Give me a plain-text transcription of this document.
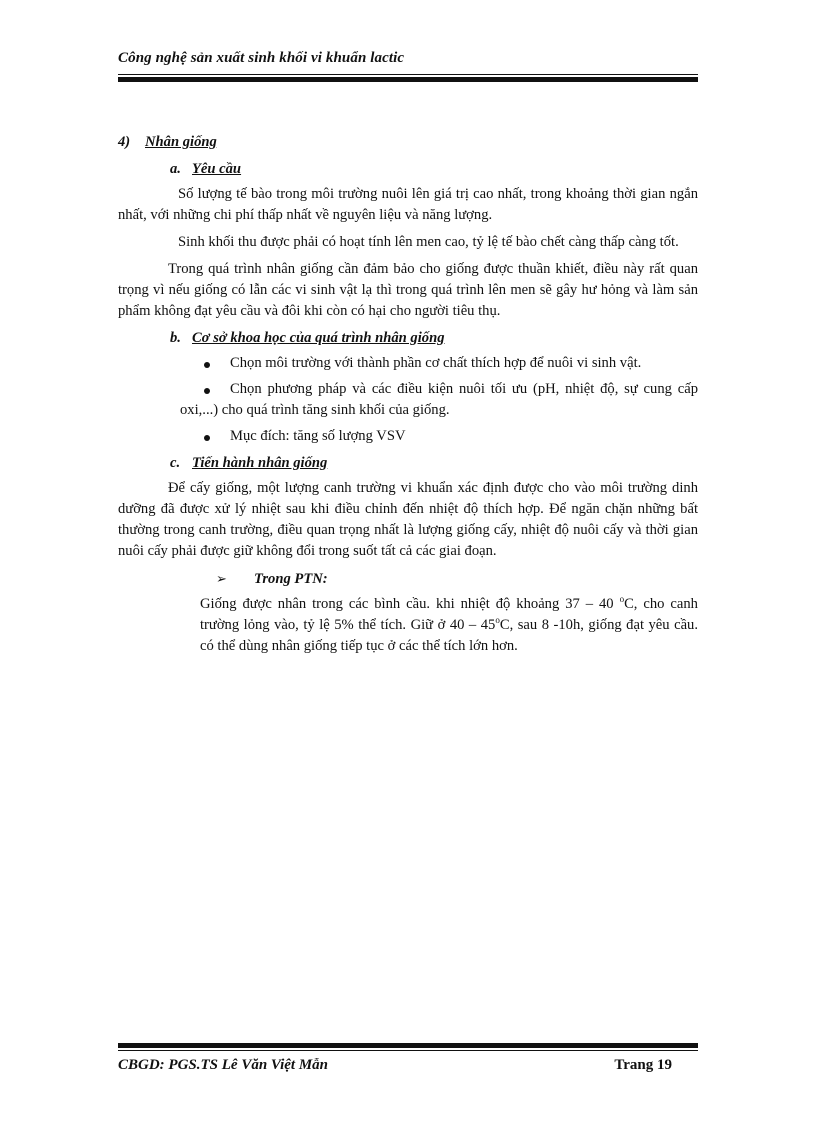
Công nghệ sản xuất sinh khối vi khuẩn lactic
4) Nhân giống
a. Yêu cầu

Số lượng tế bào trong môi trường nuôi lên giá trị cao nhất, trong khoảng thời gian ngắn nhất, với những chi phí thấp nhất về nguyên liệu và năng lượng.

Sinh khối thu được phải có hoạt tính lên men cao, tỷ lệ tế bào chết càng thấp càng tốt.

Trong quá trình nhân giống cần đảm bảo cho giống được thuần khiết, điều này rất quan trọng vì nếu giống có lẫn các vi sinh vật lạ thì trong quá trình lên men sẽ gây hư hỏng và làm sản phẩm không đạt yêu cầu và đôi khi còn có hại cho người tiêu thụ.

b. Cơ sở khoa học của quá trình nhân giống
Chọn môi trường với thành phần cơ chất thích hợp để nuôi vi sinh vật.
Chọn phương pháp và các điều kiện nuôi tối ưu (pH, nhiệt độ, sự cung cấp oxi,...) cho quá trình tăng sinh khối của giống.
Mục đích: tăng số lượng VSV
c. Tiến hành nhân giống

Để cấy giống, một lượng canh trường vi khuẩn xác định được cho vào môi trường dinh dưỡng đã được xử lý nhiệt sau khi điều chỉnh đến nhiệt độ thích hợp. Để ngăn chặn những bất thường trong canh trường, điều quan trọng nhất là lượng giống cấy, nhiệt độ nuôi cấy và thời gian nuôi cấy phải được giữ không đổi trong suốt tất cả các giai đoạn.

➢ Trong PTN:

Giống được nhân trong các bình cầu. khi nhiệt độ khoảng 37 – 40 $^o$C, cho canh trường lỏng vào, tỷ lệ 5% thể tích. Giữ ở 40 – 45$^o$C, sau 8 -10h, giống đạt yêu cầu. có thể dùng nhân giống tiếp tục ở các thể tích lớn hơn.

CBGD: PGS.TS Lê Văn Việt Mẫn	Trang 19
